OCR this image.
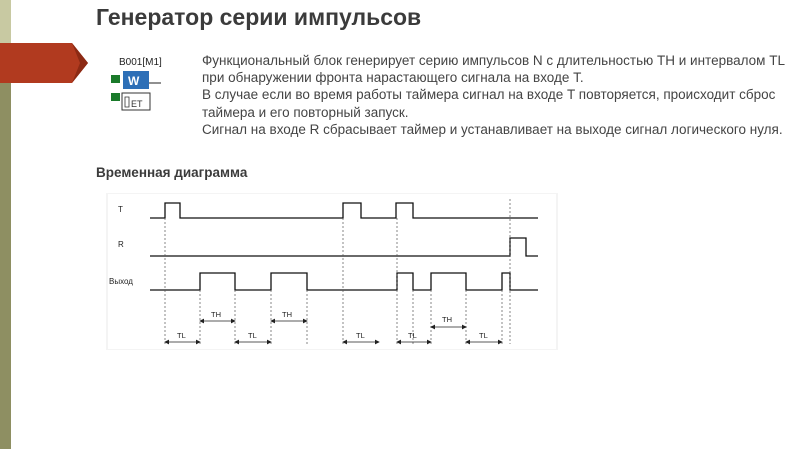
Генератор серии импульсов
B001[M1]
W
ET

Функциональный блок генерирует серию импульсов N с длительностью TH и интервалом TL при обнаружении фронта нарастающего сигнала на входе T.

В случае если во время работы таймера сигнал на входе T повторяется, происходит сброс таймера и его повторный запуск.

Сигнал на входе R сбрасывает таймер и устанавливает на выходе сигнал логического нуля.

Временная диаграмма
T
R
Выход
TH	TH
TH
TL	TL	TL	TL	TL
